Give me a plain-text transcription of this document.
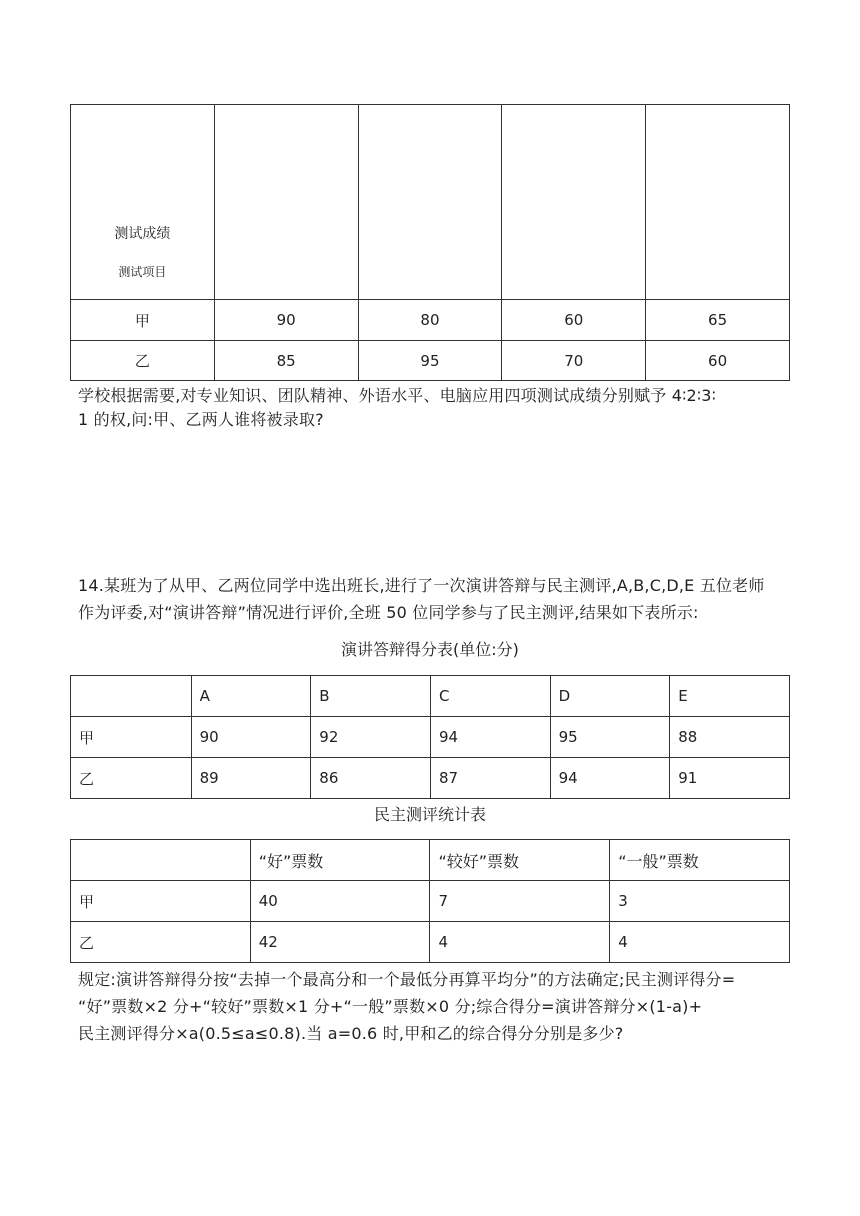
测试成绩
测试项目				

甲	90	80	60	65
乙	85	95	70	60
学校根据需要,对专业知识、团队精神、外语水平、电脑应用四项测试成绩分别赋予 4∶2∶3∶
1 的权,问:甲、乙两人谁将被录取?
14.某班为了从甲、乙两位同学中选出班长,进行了一次演讲答辩与民主测评,A,B,C,D,E 五位老师
作为评委,对“演讲答辩”情况进行评价,全班 50 位同学参与了民主测评,结果如下表所示:
演讲答辩得分表(单位:分)
	A	B	C	D	E
甲	90	92	94	95	88
乙	89	86	87	94	91
民主测评统计表
	“好”票数	“较好”票数	“一般”票数
甲	40	7	3
乙	42	4	4
规定:演讲答辩得分按“去掉一个最高分和一个最低分再算平均分”的方法确定;民主测评得分=
“好”票数×2 分+“较好”票数×1 分+“一般”票数×0 分;综合得分=演讲答辩分×(1-a)+
民主测评得分×a(0.5≤a≤0.8).当 a=0.6 时,甲和乙的综合得分分别是多少?
